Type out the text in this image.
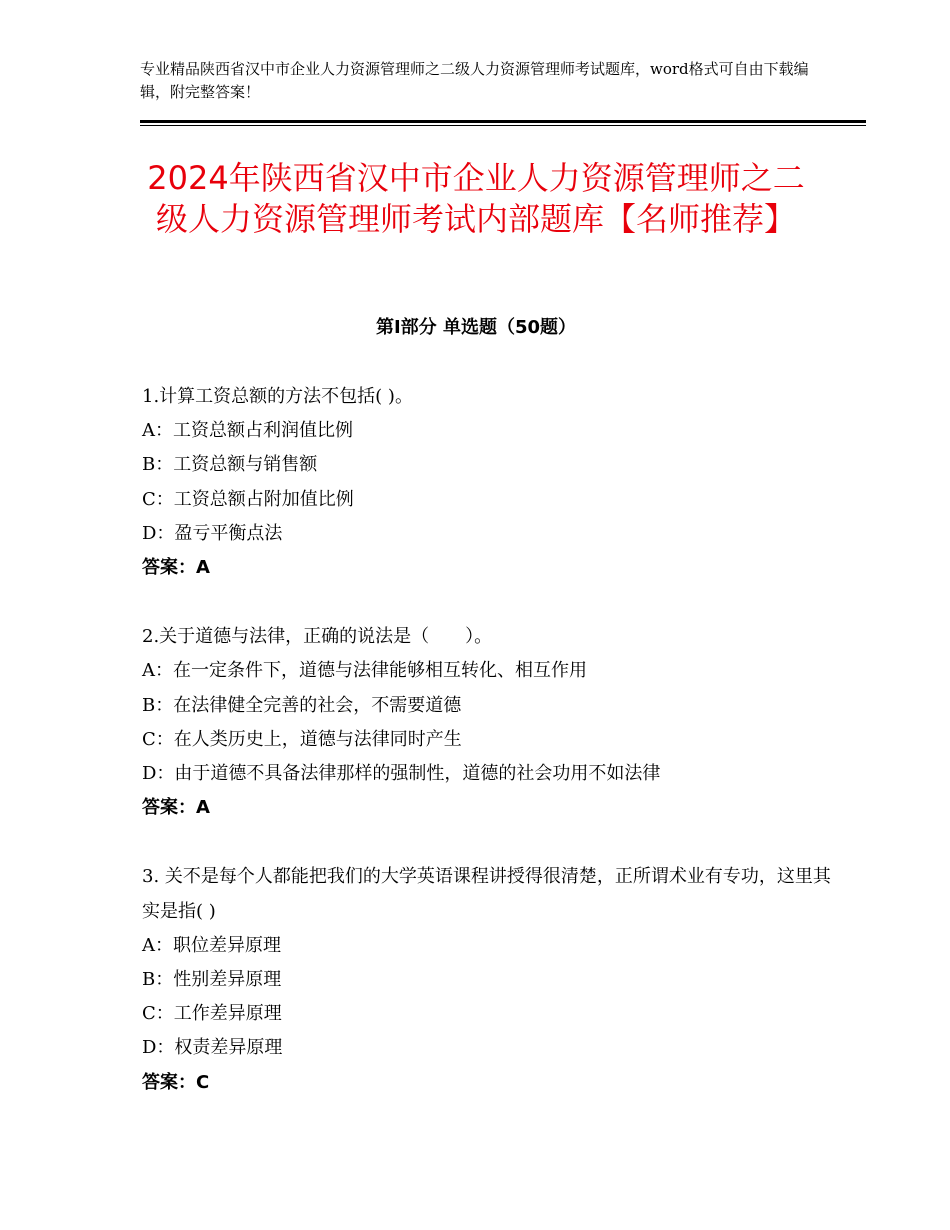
专业精品陕西省汉中市企业人力资源管理师之二级人力资源管理师考试题库，word格式可自由下载编辑，附完整答案！
2024年陕西省汉中市企业人力资源管理师之二级人力资源管理师考试内部题库【名师推荐】
第Ⅰ部分 单选题（50题）

1.计算工资总额的方法不包括( )。

A：工资总额占利润值比例

B：工资总额与销售额

C：工资总额占附加值比例

D：盈亏平衡点法

答案：A

2.关于道德与法律，正确的说法是（　　）。

A：在一定条件下，道德与法律能够相互转化、相互作用

B：在法律健全完善的社会，不需要道德

C：在人类历史上，道德与法律同时产生

D：由于道德不具备法律那样的强制性，道德的社会功用不如法律

答案：A

3. 关不是每个人都能把我们的大学英语课程讲授得很清楚，正所谓术业有专功，这里其实是指( )

A：职位差异原理

B：性别差异原理

C：工作差异原理

D：权责差异原理

答案：C
